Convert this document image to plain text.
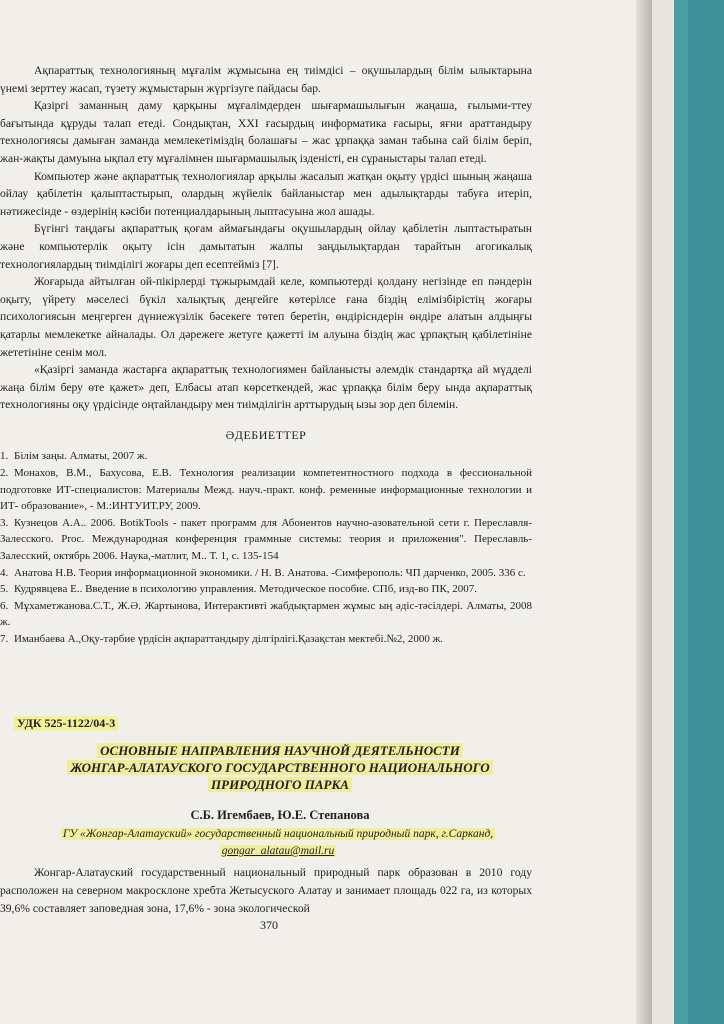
Ақпараттық технологияның мұғалім жұмысына ең тиімдісі – оқушылардың білім ылыктарына үнемі зерттеу жасап, түзету жұмыстарын жүргізуге пайдасы бар.

Қазіргі заманның даму қарқыны мұғалімдерден шығармашылығын жаңаша, ғылыми-ттеу бағытында құруды талап етеді. Сондықтан, XXI ғасырдың информатика ғасыры, яғни араттандыру технологиясы дамыған заманда мемлекетіміздің болашағы – жас ұрпаққа заман табына сай білім беріп, жан-жақты дамуына ықпал ету мұғалімнен шығармашылық ізденісті, ен сұраныстары талап етеді.

Компьютер және ақпараттық технологиялар арқылы жасалып жатқан оқыту үрдісі шының жаңаша ойлау қабілетін қалыптастырып, олардың жүйелік байланыстар мен адылықтарды табуға итеріп, нәтижесінде - өздерінің кәсіби потенциалдарының лыптасуына жол ашады.

Бүгінгі таңдағы ақпараттық қоғам аймағындағы оқушылардың ойлау қабілетін лыптастыратын және компьютерлік оқыту ісін дамытатын жалпы заңдылықтардан тарайтын агогикалық технологиялардың тиімділігі жоғары деп есептейміз [7].

Жоғарыда айтылған ой-пікірлерді тұжырымдай келе, компьютерді қолдану негізінде еп пәндерін оқыту, үйрету мәселесі бүкіл халықтық деңгейге көтерілсе ғана біздің елімізбірістің жоғары психологиясын меңгерген дүниежүзілік бәсекеге төтеп беретін, өндірісндерін өндіре алатын алдыңғы қатарлы мемлекетке айналады. Ол дәрежеге жетуге қажетті ім алуына біздің жас ұрпақтың қабілетініне жететініне сенім мол.

«Қазіргі заманда жастарға ақпараттық технологиямен байланысты әлемдік стандартқа ай мүдделі жаңа білім беру өте қажет» деп, Елбасы атап көрсеткендей, жас ұрпаққа білім беру ында ақпараттық технологияны оқу үрдісінде оңтайландыру мен тиімділігін арттырудың ызы зор деп білемін.

ӘДЕБИЕТТЕР
1. Білім заңы. Алматы, 2007 ж.
2. Монахов, В.М., Бахусова, Е.В. Технология реализации компетентностного подхода в фессиональной подготовке ИТ-специалистов: Материалы Межд. науч.-практ. конф. ременные информационные технологии и ИТ- образование», - М.:ИНТУИТ.РУ, 2009.
3. Кузнецов А.А.. 2006. BotikTools - пакет программ для Абонентов научно-азовательной сети г. Переславля-Залесского. Proc. Международная конференция граммные системы: теория и приложения". Переславль-Залесский, октябрь 2006. Наука,-матлит, М.. Т. 1, с. 135-154
4. Анатова Н.В. Теория информационной экономики. / Н. В. Анатова. -Симферополь: ЧП дарченко, 2005. 336 с.
5. Кудрявцева Е.. Введение в психологию управления. Методическое пособие. СПб, изд-во ПК, 2007.
6. Мұхаметжанова.С.Т., Ж.Ә. Жартынова, Интерактивті жабдықтармен жұмыс ың әдіс-тәсілдері. Алматы, 2008 ж.
7. Иманбаева А.,Оқу-тәрбие үрдісін ақпараттандыру ділгірлігі.Қазақстан мектебі.№2, 2000 ж.
УДК 525-1122/04-3
ОСНОВНЫЕ НАПРАВЛЕНИЯ НАУЧНОЙ ДЕЯТЕЛЬНОСТИ
ЖОНГАР-АЛАТАУСКОГО ГОСУДАРСТВЕННОГО НАЦИОНАЛЬНОГО
ПРИРОДНОГО ПАРКА
С.Б. Игембаев, Ю.Е. Степанова
ГУ «Жонгар-Алатауский» государственный национальный природный парк, г.Сарканд,
gongar_alatau@mail.ru

Жонгар-Алатауский государственный национальный природный парк образован в 2010 году расположен на северном макросклоне хребта Жетысуского Алатау и занимает площадь 022 га, из которых 39,6% составляет заповедная зона, 17,6% - зона экологической

370
